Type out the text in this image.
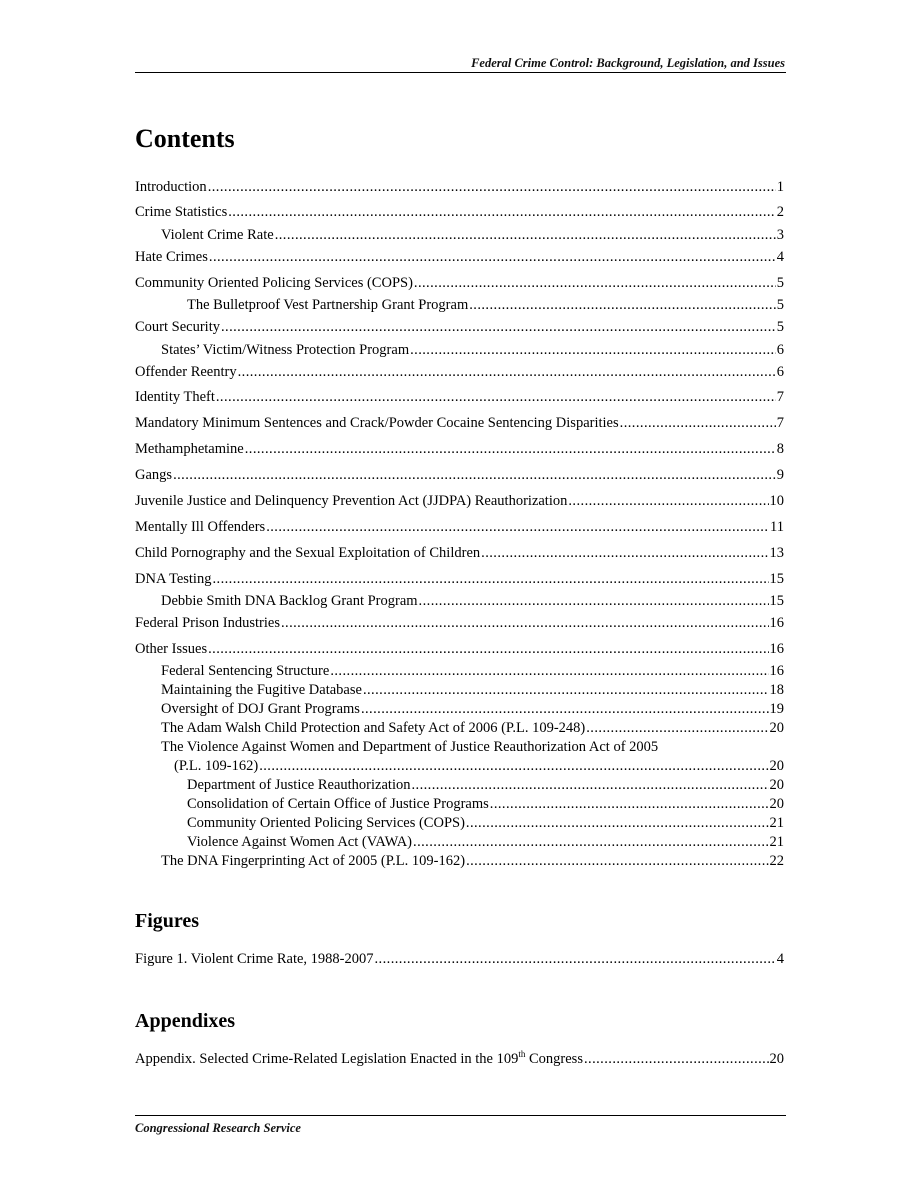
Federal Crime Control: Background, Legislation, and Issues
Contents
Introduction . . .	1
Crime Statistics . . .	2
Violent Crime Rate . . .	3
Hate Crimes . . .	4
Community Oriented Policing Services (COPS) . . .	5
The Bulletproof Vest Partnership Grant Program . . .	5
Court Security . . .	5
States’ Victim/Witness Protection Program . . .	6
Offender Reentry . . .	6
Identity Theft . . .	7
Mandatory Minimum Sentences and Crack/Powder Cocaine Sentencing Disparities . . .	7
Methamphetamine . . .	8
Gangs . . .	9
Juvenile Justice and Delinquency Prevention Act (JJDPA) Reauthorization . . .	10
Mentally Ill Offenders . . .	11
Child Pornography and the Sexual Exploitation of Children . . .	13
DNA Testing . . .	15
Debbie Smith DNA Backlog Grant Program . . .	15
Federal Prison Industries . . .	16
Other Issues . . .	16
Federal Sentencing Structure . . .	16
Maintaining the Fugitive Database . . .	18
Oversight of DOJ Grant Programs . . .	19
The Adam Walsh Child Protection and Safety Act of 2006 (P.L. 109-248) . . .	20
The Violence Against Women and Department of Justice Reauthorization Act of 2005
(P.L. 109-162) . . .	20
Department of Justice Reauthorization . . .	20
Consolidation of Certain Office of Justice Programs . . .	20
Community Oriented Policing Services (COPS) . . .	21
Violence Against Women Act (VAWA) . . .	21
The DNA Fingerprinting Act of 2005 (P.L. 109-162) . . .	22
Figures
Figure 1. Violent Crime Rate, 1988-2007 . . .	4
Appendixes
Appendix. Selected Crime-Related Legislation Enacted in the 109th Congress . . .	20
Congressional Research Service
